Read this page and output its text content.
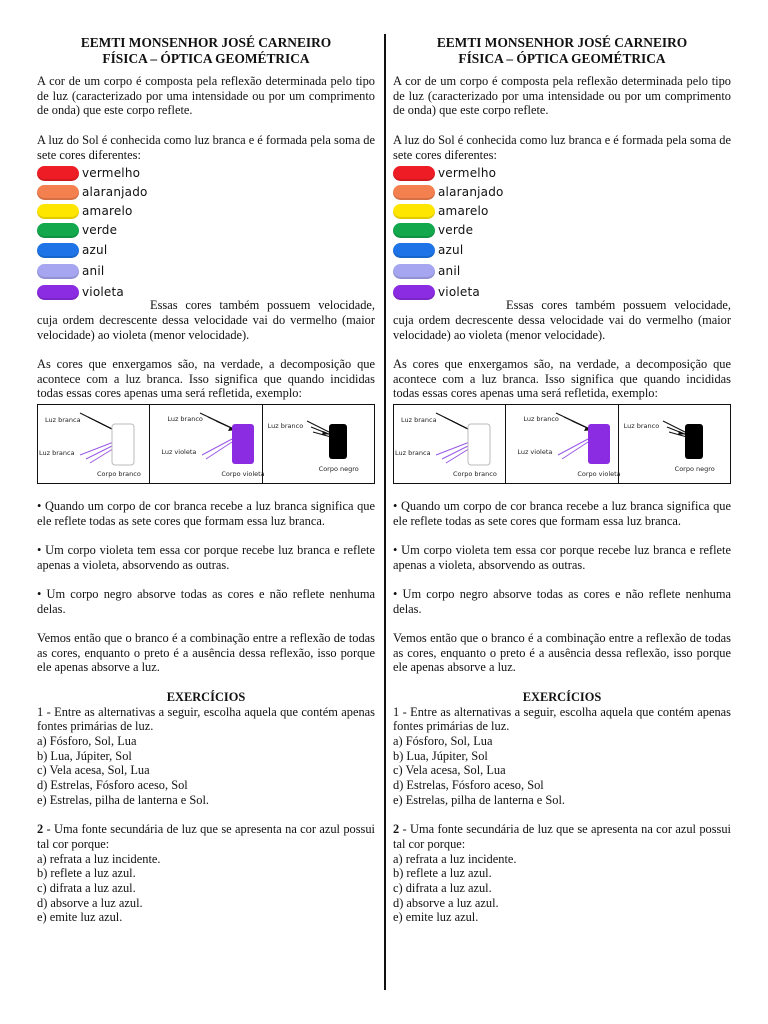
EEMTI MONSENHOR JOSÉ CARNEIRO
FÍSICA – ÓPTICA GEOMÉTRICA

A cor de um corpo é composta pela reflexão determinada pelo tipo de luz (caracterizado por uma intensidade ou por um comprimento de onda) que este corpo reflete.

A luz do Sol é conhecida como luz branca e é formada pela soma de sete cores diferentes:

vermelho
alaranjado
amarelo
verde
azul
anil
violeta

Essas cores também possuem velocidade, cuja ordem decrescente dessa velocidade vai do vermelho (maior velocidade) ao violeta (menor velocidade).

As cores que enxergamos são, na verdade, a decomposição que acontece com a luz branca. Isso significa que quando incididas todas essas cores apenas uma será refletida, exemplo:

Luz branca
Luz branca
Corpo branco
Luz branco
Luz violeta
Corpo violeta
Luz branco
Corpo negro

• Quando um corpo de cor branca recebe a luz branca significa que ele reflete todas as sete cores que formam essa luz branca.

• Um corpo violeta tem essa cor porque recebe luz branca e reflete apenas a violeta, absorvendo as outras.

• Um corpo negro absorve todas as cores e não reflete nenhuma delas.

Vemos então que o branco é a combinação entre a reflexão de todas as cores, enquanto o preto é a ausência dessa reflexão, isso porque ele apenas absorve a luz.

EXERCÍCIOS

1 - Entre as alternativas a seguir, escolha aquela que contém apenas fontes primárias de luz.

a) Fósforo, Sol, Lua

b) Lua, Júpiter, Sol

c) Vela acesa, Sol, Lua

d) Estrelas, Fósforo aceso, Sol

e) Estrelas, pilha de lanterna e Sol.

2 - Uma fonte secundária de luz que se apresenta na cor azul possui tal cor porque:

a) refrata a luz incidente.

b) reflete a luz azul.

c) difrata a luz azul.

d) absorve a luz azul.

e) emite luz azul.

EEMTI MONSENHOR JOSÉ CARNEIRO
FÍSICA – ÓPTICA GEOMÉTRICA

A cor de um corpo é composta pela reflexão determinada pelo tipo de luz (caracterizado por uma intensidade ou por um comprimento de onda) que este corpo reflete.

A luz do Sol é conhecida como luz branca e é formada pela soma de sete cores diferentes:

vermelho
alaranjado
amarelo
verde
azul
anil
violeta

Essas cores também possuem velocidade, cuja ordem decrescente dessa velocidade vai do vermelho (maior velocidade) ao violeta (menor velocidade).

As cores que enxergamos são, na verdade, a decomposição que acontece com a luz branca. Isso significa que quando incididas todas essas cores apenas uma será refletida, exemplo:

Luz branca
Luz branca
Corpo branco
Luz branco
Luz violeta
Corpo violeta
Luz branco
Corpo negro

• Quando um corpo de cor branca recebe a luz branca significa que ele reflete todas as sete cores que formam essa luz branca.

• Um corpo violeta tem essa cor porque recebe luz branca e reflete apenas a violeta, absorvendo as outras.

• Um corpo negro absorve todas as cores e não reflete nenhuma delas.

Vemos então que o branco é a combinação entre a reflexão de todas as cores, enquanto o preto é a ausência dessa reflexão, isso porque ele apenas absorve a luz.

EXERCÍCIOS

1 - Entre as alternativas a seguir, escolha aquela que contém apenas fontes primárias de luz.

a) Fósforo, Sol, Lua

b) Lua, Júpiter, Sol

c) Vela acesa, Sol, Lua

d) Estrelas, Fósforo aceso, Sol

e) Estrelas, pilha de lanterna e Sol.

2 - Uma fonte secundária de luz que se apresenta na cor azul possui tal cor porque:

a) refrata a luz incidente.

b) reflete a luz azul.

c) difrata a luz azul.

d) absorve a luz azul.

e) emite luz azul.
